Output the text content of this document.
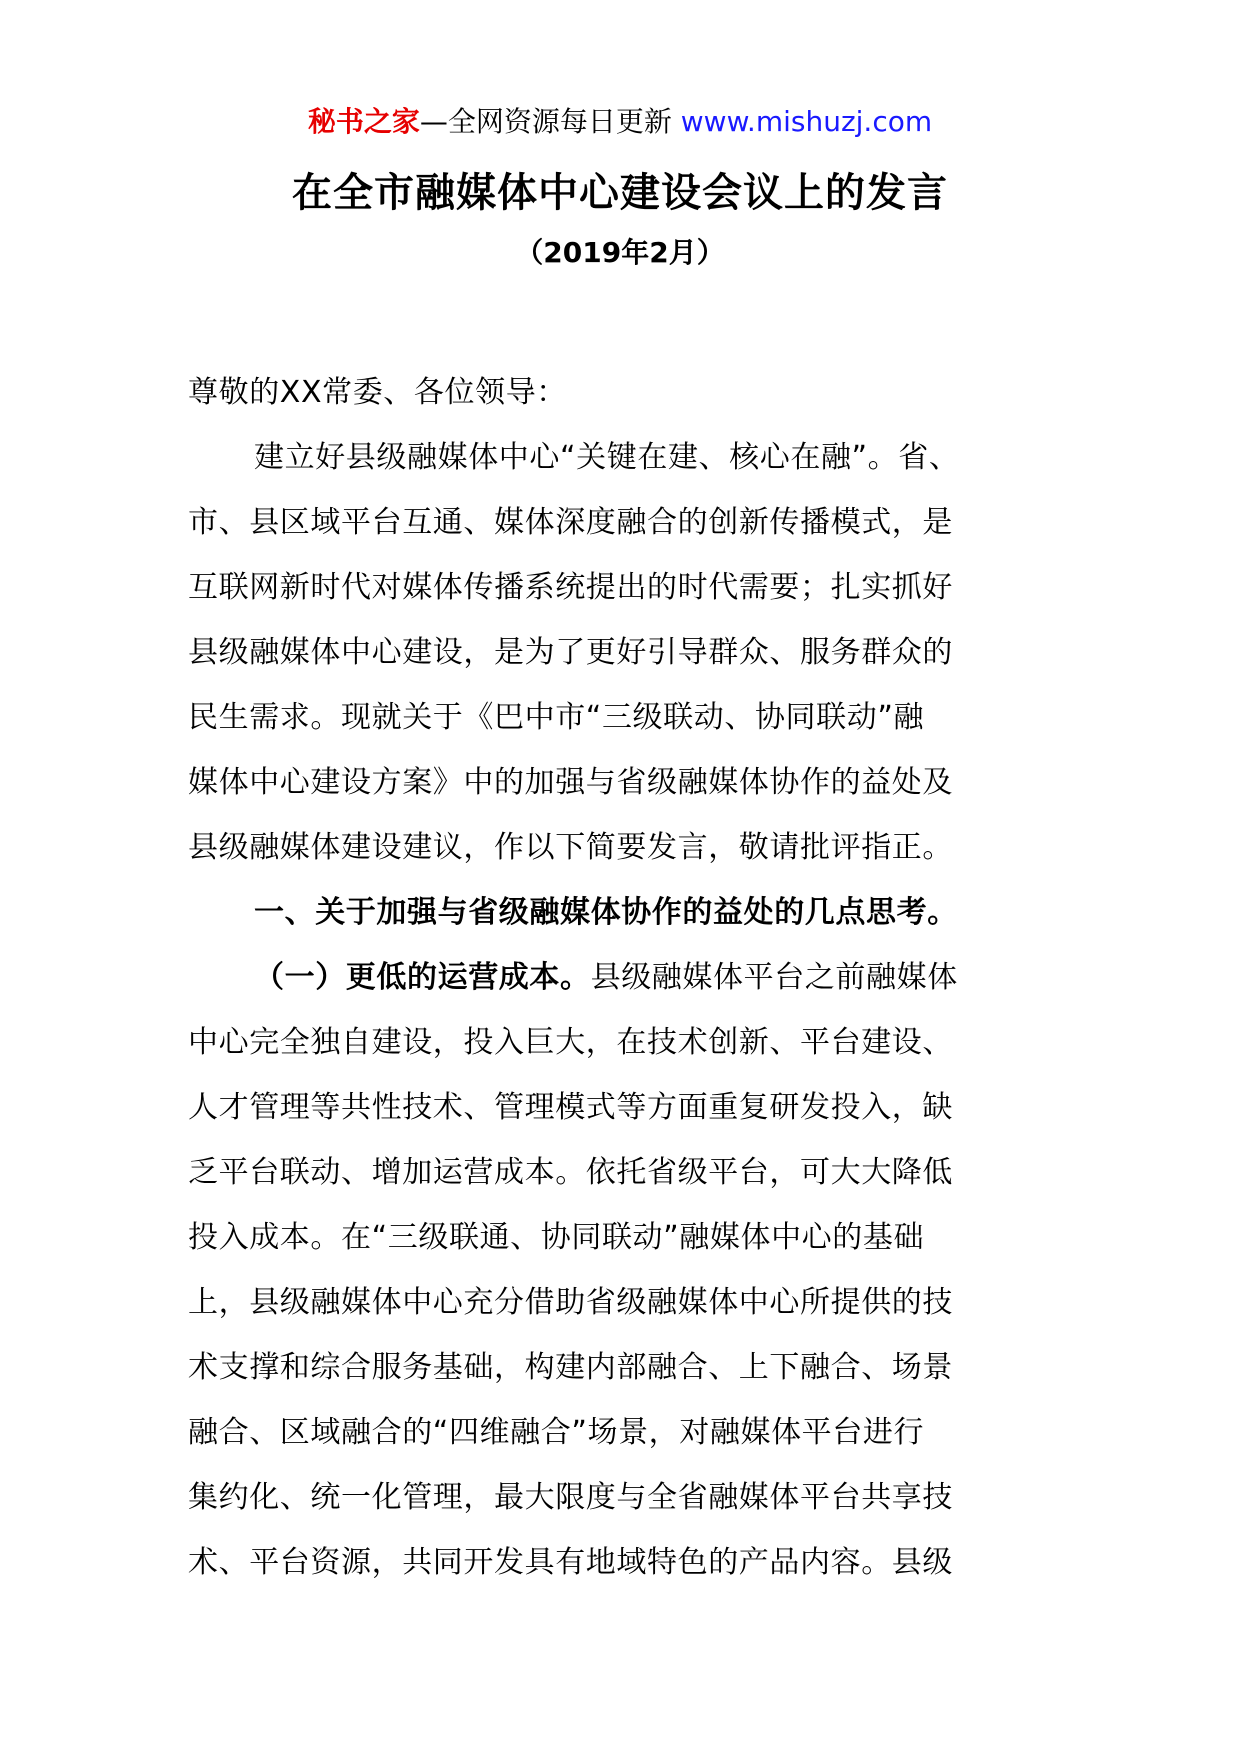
秘书之家—全网资源每日更新 www.mishuzj.com
在全市融媒体中心建设会议上的发言
（2019年2月）
尊敬的XX常委、各位领导：
建立好县级融媒体中心“关键在建、核心在融”。省、
市、县区域平台互通、媒体深度融合的创新传播模式，是
互联网新时代对媒体传播系统提出的时代需要；扎实抓好
县级融媒体中心建设，是为了更好引导群众、服务群众的
民生需求。现就关于《巴中市“三级联动、协同联动”融
媒体中心建设方案》中的加强与省级融媒体协作的益处及
县级融媒体建设建议，作以下简要发言，敬请批评指正。
一、关于加强与省级融媒体协作的益处的几点思考。
（一）更低的运营成本。县级融媒体平台之前融媒体
中心完全独自建设，投入巨大，在技术创新、平台建设、
人才管理等共性技术、管理模式等方面重复研发投入，缺
乏平台联动、增加运营成本。依托省级平台，可大大降低
投入成本。在“三级联通、协同联动”融媒体中心的基础
上，县级融媒体中心充分借助省级融媒体中心所提供的技
术支撑和综合服务基础，构建内部融合、上下融合、场景
融合、区域融合的“四维融合”场景，对融媒体平台进行
集约化、统一化管理，最大限度与全省融媒体平台共享技
术、平台资源，共同开发具有地域特色的产品内容。县级
